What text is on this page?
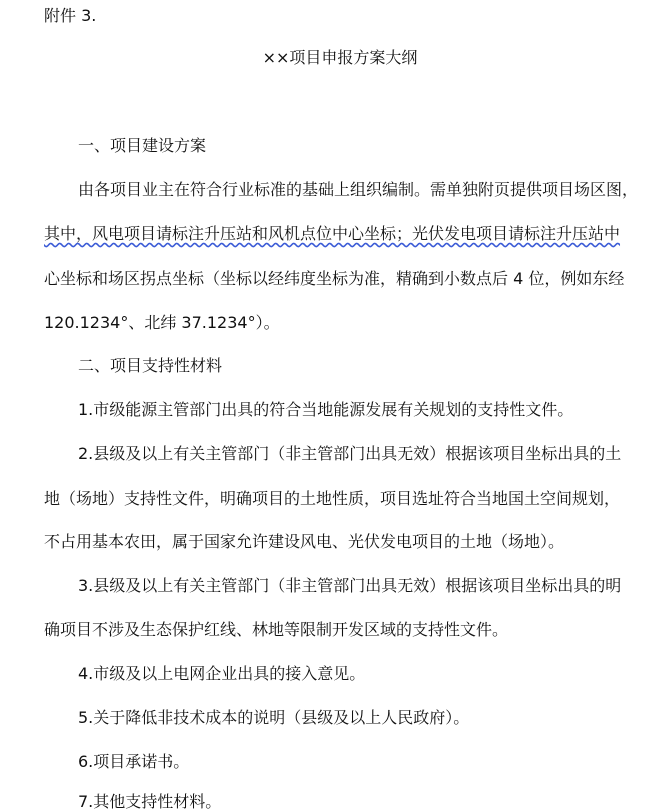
附件 3.
××项目申报方案大纲
一、项目建设方案
由各项目业主在符合行业标准的基础上组织编制。需单独附页提供项目场区图，
其中，风电项目请标注升压站和风机点位中心坐标；光伏发电项目请标注升压站中
心坐标和场区拐点坐标（坐标以经纬度坐标为准，精确到小数点后 4 位，例如东经
120.1234°、北纬 37.1234°）。
二、项目支持性材料
1.市级能源主管部门出具的符合当地能源发展有关规划的支持性文件。
2.县级及以上有关主管部门（非主管部门出具无效）根据该项目坐标出具的土
地（场地）支持性文件，明确项目的土地性质，项目选址符合当地国土空间规划，
不占用基本农田，属于国家允许建设风电、光伏发电项目的土地（场地）。
3.县级及以上有关主管部门（非主管部门出具无效）根据该项目坐标出具的明
确项目不涉及生态保护红线、林地等限制开发区域的支持性文件。
4.市级及以上电网企业出具的接入意见。
5.关于降低非技术成本的说明（县级及以上人民政府）。
6.项目承诺书。
7.其他支持性材料。
